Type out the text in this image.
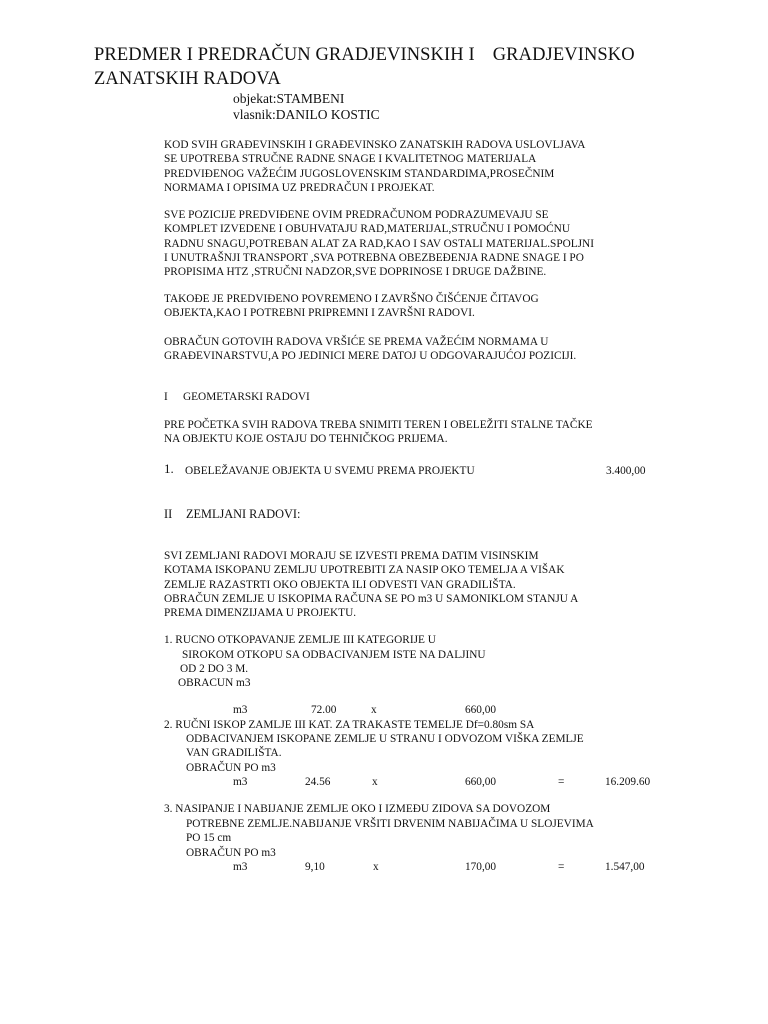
PREDMER I PREDRAČUN GRADJEVINSKIH I GRADJEVINSKO
ZANATSKIH RADOVA
objekat:STAMBENI
vlasnik:DANILO KOSTIC
KOD SVIH GRAĐEVINSKIH I GRAĐEVINSKO ZANATSKIH RADOVA USLOVLJAVA
SE UPOTREBA STRUČNE RADNE SNAGE I KVALITETNOG MATERIJALA
PREDVIĐENOG VAŽEĆIM JUGOSLOVENSKIM STANDARDIMA,PROSEČNIM
NORMAMA I OPISIMA UZ PREDRAČUN I PROJEKAT.
SVE POZICIJE PREDVIĐENE OVIM PREDRAČUNOM PODRAZUMEVAJU SE
KOMPLET IZVEDENE I OBUHVATAJU RAD,MATERIJAL,STRUČNU I POMOĆNU
RADNU SNAGU,POTREBAN ALAT ZA RAD,KAO I SAV OSTALI MATERIJAL.SPOLJNI
I UNUTRAŠNJI TRANSPORT ,SVA POTREBNA OBEZBEĐENJA RADNE SNAGE I PO
PROPISIMA HTZ ,STRUČNI NADZOR,SVE DOPRINOSE I DRUGE DAŽBINE.
TAKOĐE JE PREDVIĐENO POVREMENO I ZAVRŠNO ČIŠĆENJE ČITAVOG
OBJEKTA,KAO I POTREBNI PRIPREMNI I ZAVRŠNI RADOVI.
OBRAČUN GOTOVIH RADOVA VRŠIĆE SE PREMA VAŽEĆIM NORMAMA U
GRAĐEVINARSTVU,A PO JEDINICI MERE DATOJ U ODGOVARAJUĆOJ POZICIJI.
I GEOMETARSKI RADOVI
PRE POČETKA SVIH RADOVA TREBA SNIMITI TEREN I OBELEŽITI STALNE TAČKE
NA OBJEKTU KOJE OSTAJU DO TEHNIČKOG PRIJEMA.
1. OBELEŽAVANJE OBJEKTA U SVEMU PREMA PROJEKTU	3.400,00
II ZEMLJANI RADOVI:
SVI ZEMLJANI RADOVI MORAJU SE IZVESTI PREMA DATIM VISINSKIM
KOTAMA ISKOPANU ZEMLJU UPOTREBITI ZA NASIP OKO TEMELJA A VIŠAK
ZEMLJE RAZASTRTI OKO OBJEKTA ILI ODVESTI VAN GRADILIŠTA.
OBRAČUN ZEMLJE U ISKOPIMA RAČUNA SE PO m3 U SAMONIKLOM STANJU A
PREMA DIMENZIJAMA U PROJEKTU.
1. RUCNO OTKOPAVANJE ZEMLJE III KATEGORIJE U
SIROKOM OTKOPU SA ODBACIVANJEM ISTE NA DALJINU
OD 2 DO 3 M.
OBRACUN m3
m3	72.00	x	660,00
2. RUČNI ISKOP ZAMLJE III KAT. ZA TRAKASTE TEMELJE Df=0.80sm SA
ODBACIVANJEM ISKOPANE ZEMLJE U STRANU I ODVOZOM VIŠKA ZEMLJE
VAN GRADILIŠTA.
OBRAČUN PO m3
m3	24.56	x	660,00	=	16.209.60
3. NASIPANJE I NABIJANJE ZEMLJE OKO I IZMEĐU ZIDOVA SA DOVOZOM
POTREBNE ZEMLJE.NABIJANJE VRŠITI DRVENIM NABIJAČIMA U SLOJEVIMA
PO 15 cm
OBRAČUN PO m3
m3	9,10	x	170,00	=	1.547,00
